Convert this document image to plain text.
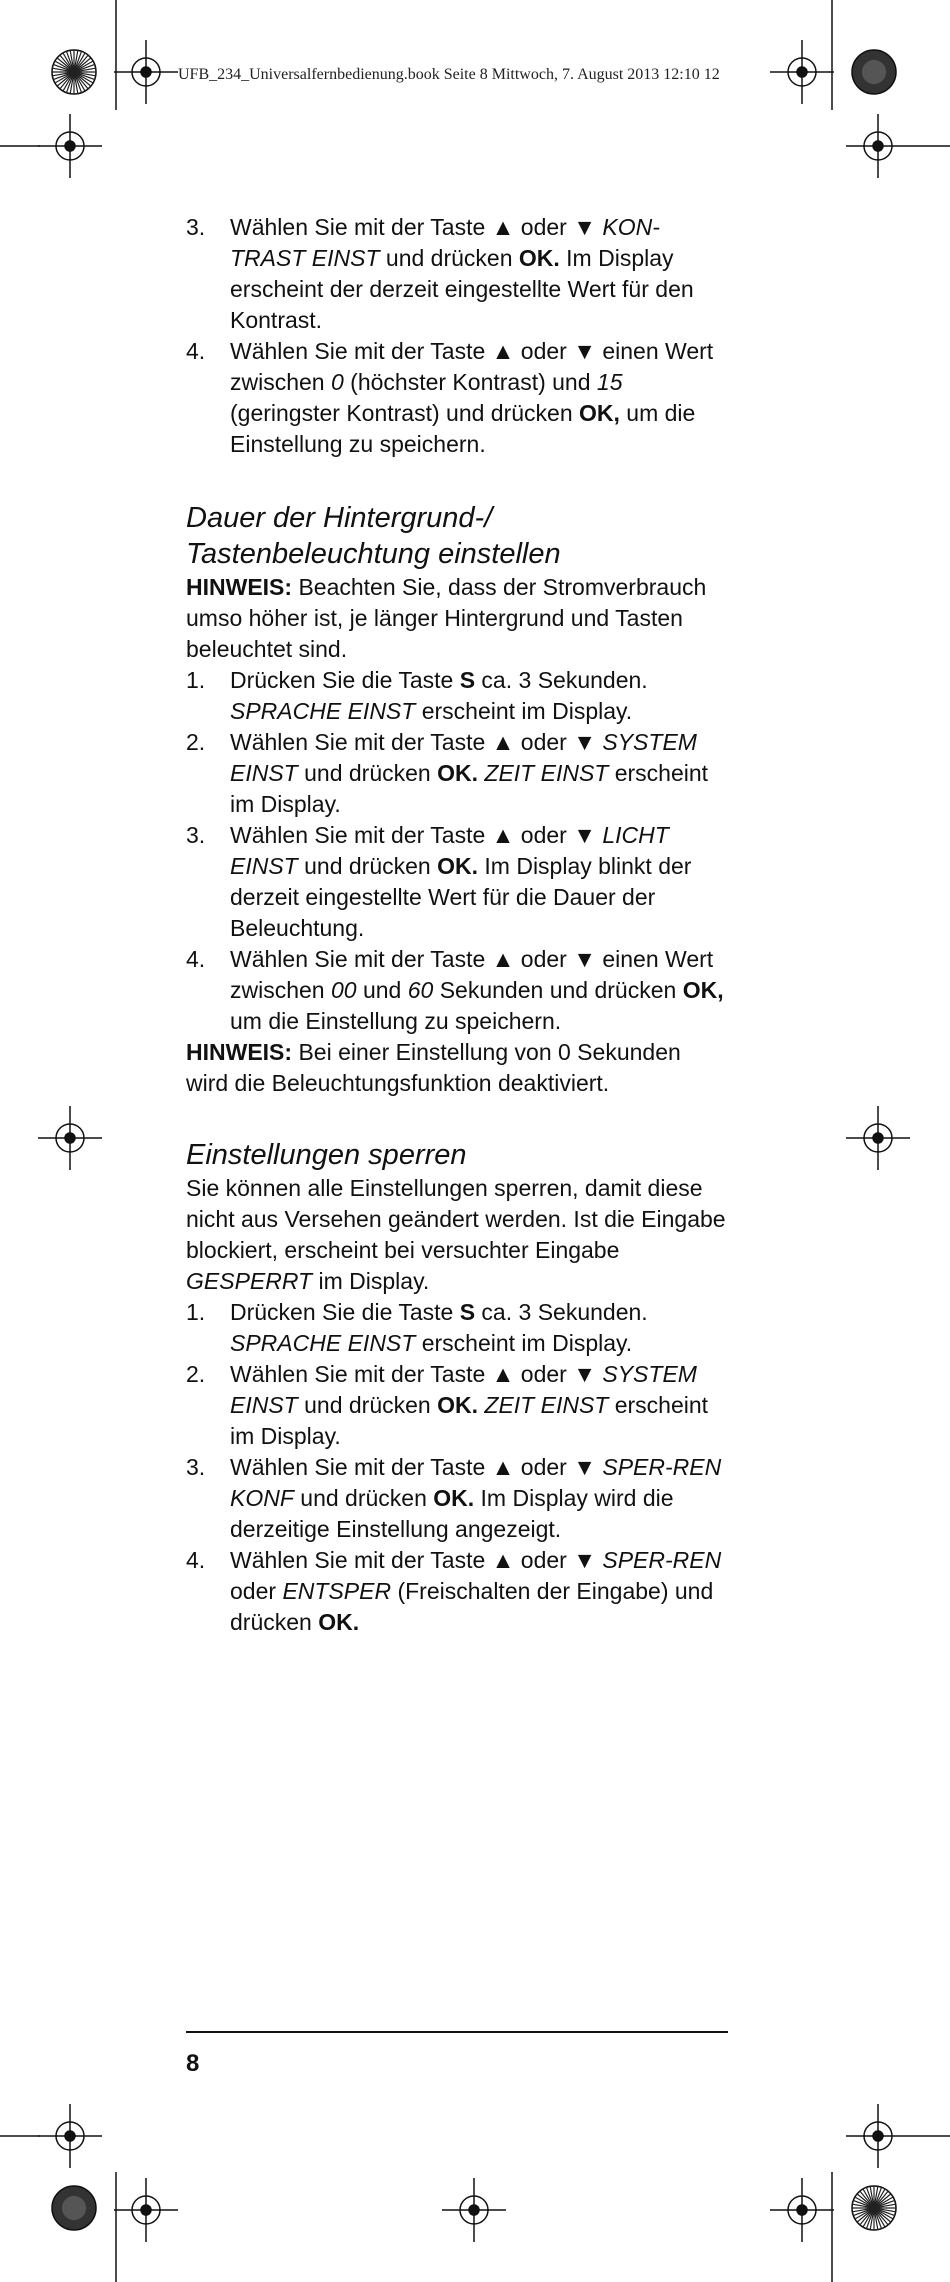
UFB_234_Universalfernbedienung.book Seite 8 Mittwoch, 7. August 2013 12:10 12
3. Wählen Sie mit der Taste ▲ oder ▼ KON-TRAST EINST und drücken OK. Im Display erscheint der derzeit eingestellte Wert für den Kontrast.
4. Wählen Sie mit der Taste ▲ oder ▼ einen Wert zwischen 0 (höchster Kontrast) und 15 (geringster Kontrast) und drücken OK, um die Einstellung zu speichern.
Dauer der Hintergrund-/ Tastenbeleuchtung einstellen

HINWEIS: Beachten Sie, dass der Stromverbrauch umso höher ist, je länger Hintergrund und Tasten beleuchtet sind.

1. Drücken Sie die Taste S ca. 3 Sekunden. SPRACHE EINST erscheint im Display.
2. Wählen Sie mit der Taste ▲ oder ▼ SYSTEM EINST und drücken OK. ZEIT EINST erscheint im Display.
3. Wählen Sie mit der Taste ▲ oder ▼ LICHT EINST und drücken OK. Im Display blinkt der derzeit eingestellte Wert für die Dauer der Beleuchtung.
4. Wählen Sie mit der Taste ▲ oder ▼ einen Wert zwischen 00 und 60 Sekunden und drücken OK, um die Einstellung zu speichern.

HINWEIS: Bei einer Einstellung von 0 Sekunden wird die Beleuchtungsfunktion deaktiviert.

Einstellungen sperren

Sie können alle Einstellungen sperren, damit diese nicht aus Versehen geändert werden. Ist die Eingabe blockiert, erscheint bei versuchter Eingabe GESPERRT im Display.

1. Drücken Sie die Taste S ca. 3 Sekunden. SPRACHE EINST erscheint im Display.
2. Wählen Sie mit der Taste ▲ oder ▼ SYSTEM EINST und drücken OK. ZEIT EINST erscheint im Display.
3. Wählen Sie mit der Taste ▲ oder ▼ SPER-REN KONF und drücken OK. Im Display wird die derzeitige Einstellung angezeigt.
4. Wählen Sie mit der Taste ▲ oder ▼ SPER-REN oder ENTSPER (Freischalten der Eingabe) und drücken OK.
8
